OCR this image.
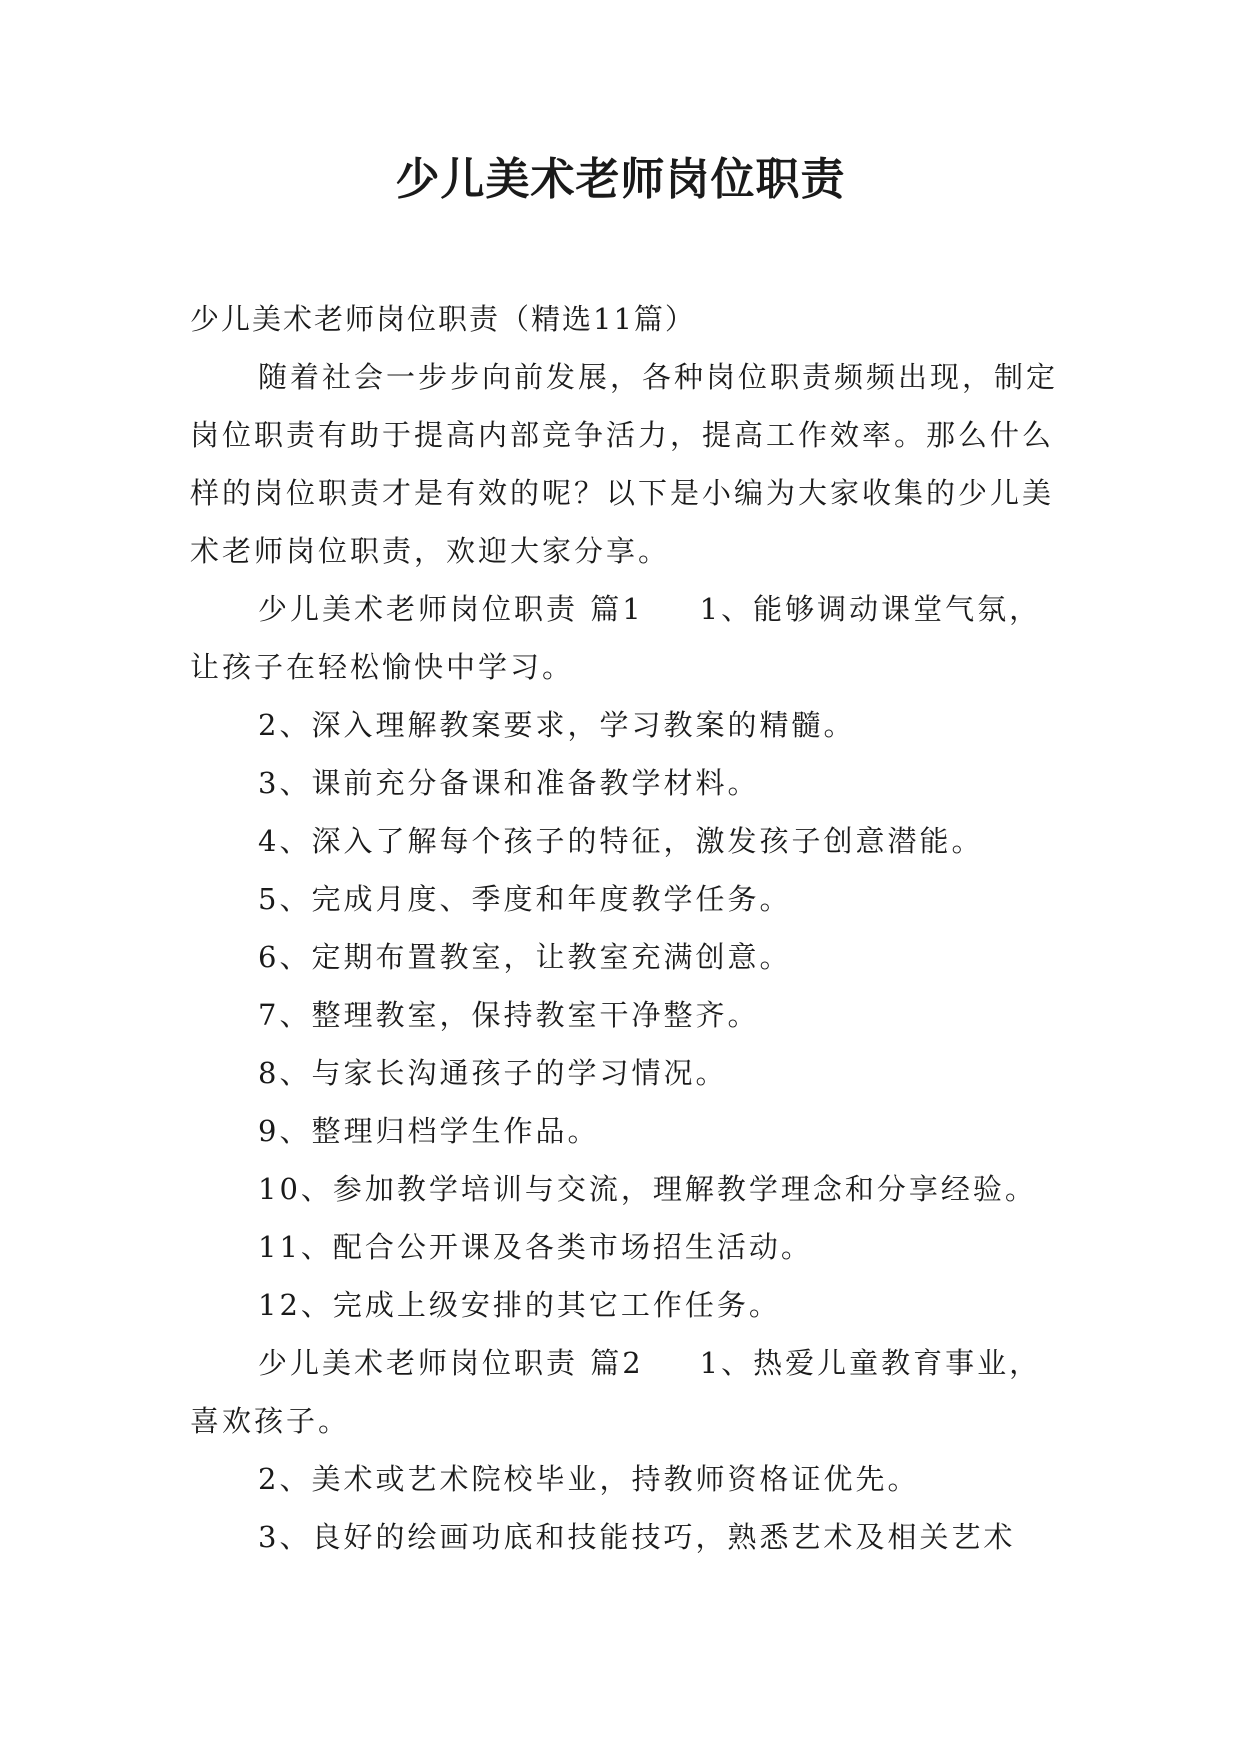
少儿美术老师岗位职责

少儿美术老师岗位职责（精选11篇）

随着社会一步步向前发展，各种岗位职责频频出现，制定岗位职责有助于提高内部竞争活力，提高工作效率。那么什么样的岗位职责才是有效的呢？以下是小编为大家收集的少儿美术老师岗位职责，欢迎大家分享。

少儿美术老师岗位职责 篇1 1、能够调动课堂气氛，让孩子在轻松愉快中学习。

2、深入理解教案要求，学习教案的精髓。

3、课前充分备课和准备教学材料。

4、深入了解每个孩子的特征，激发孩子创意潜能。

5、完成月度、季度和年度教学任务。

6、定期布置教室，让教室充满创意。

7、整理教室，保持教室干净整齐。

8、与家长沟通孩子的学习情况。

9、整理归档学生作品。

10、参加教学培训与交流，理解教学理念和分享经验。

11、配合公开课及各类市场招生活动。

12、完成上级安排的其它工作任务。

少儿美术老师岗位职责 篇2 1、热爱儿童教育事业，喜欢孩子。

2、美术或艺术院校毕业，持教师资格证优先。

3、良好的绘画功底和技能技巧，熟悉艺术及相关艺术
